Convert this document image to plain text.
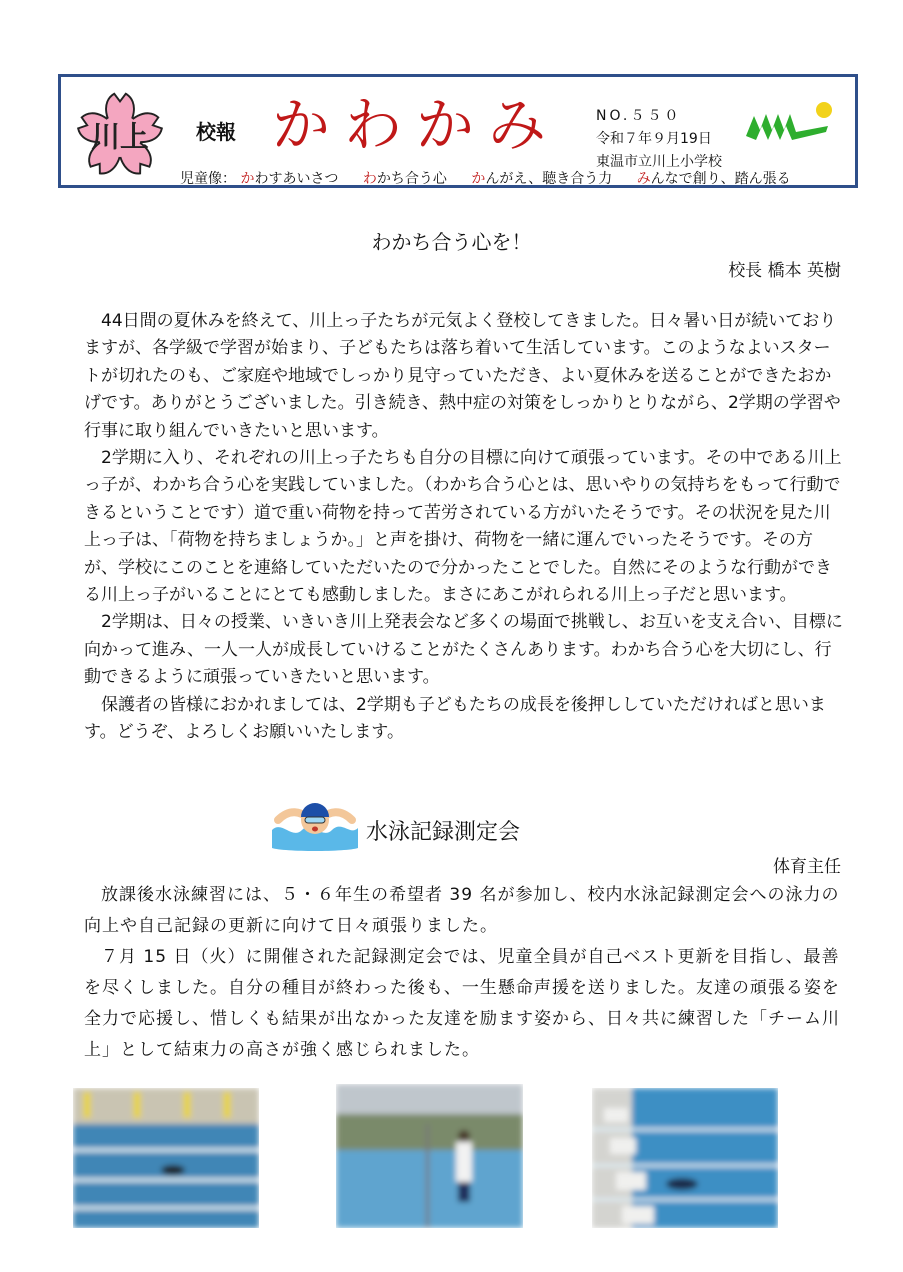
川上 校報 かわかみ	NO.５５０
令和７年９月19日
東温市立川上小学校
児童像： かわすあいさつ わかち合う心 かんがえ、聴き合う力 みんなで創り、踏ん張る
わかち合う心を！
校長 橋本 英樹

44日間の夏休みを終えて、川上っ子たちが元気よく登校してきました。日々暑い日が続いておりますが、各学級で学習が始まり、子どもたちは落ち着いて生活しています。このようなよいスタートが切れたのも、ご家庭や地域でしっかり見守っていただき、よい夏休みを送ることができたおかげです。ありがとうございました。引き続き、熱中症の対策をしっかりとりながら、2学期の学習や行事に取り組んでいきたいと思います。

2学期に入り、それぞれの川上っ子たちも自分の目標に向けて頑張っています。その中である川上っ子が、わかち合う心を実践していました。（わかち合う心とは、思いやりの気持ちをもって行動できるということです）道で重い荷物を持って苦労されている方がいたそうです。その状況を見た川上っ子は、「荷物を持ちましょうか。」と声を掛け、荷物を一緒に運んでいったそうです。その方が、学校にこのことを連絡していただいたので分かったことでした。自然にそのような行動ができる川上っ子がいることにとても感動しました。まさにあこがれられる川上っ子だと思います。

2学期は、日々の授業、いきいき川上発表会など多くの場面で挑戦し、お互いを支え合い、目標に向かって進み、一人一人が成長していけることがたくさんあります。わかち合う心を大切にし、行動できるように頑張っていきたいと思います。

保護者の皆様におかれましては、2学期も子どもたちの成長を後押ししていただければと思います。どうぞ、よろしくお願いいたします。

水泳記録測定会
体育主任

放課後水泳練習には、５・６年生の希望者 39 名が参加し、校内水泳記録測定会への泳力の向上や自己記録の更新に向けて日々頑張りました。

７月 15 日（火）に開催された記録測定会では、児童全員が自己ベスト更新を目指し、最善を尽くしました。自分の種目が終わった後も、一生懸命声援を送りました。友達の頑張る姿を全力で応援し、惜しくも結果が出なかった友達を励ます姿から、日々共に練習した「チーム川上」として結束力の高さが強く感じられました。
